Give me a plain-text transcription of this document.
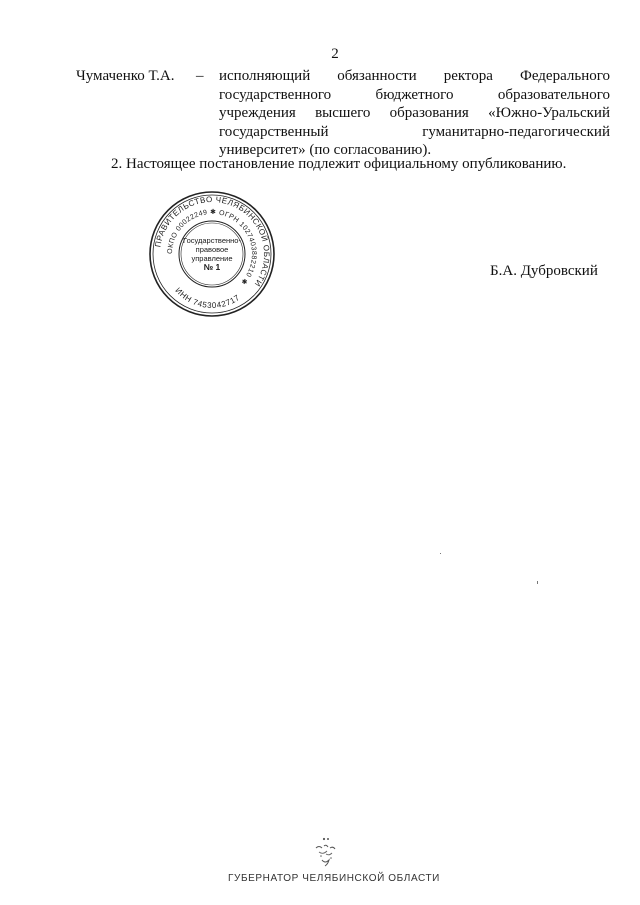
2
Чумаченко Т.А. – исполняющий обязанности ректора Федерального
государственного бюджетного образовательного
учреждения высшего образования «Южно-Уральский
государственный гуманитарно-педагогический
университет» (по согласованию).
2. Настоящее постановление подлежит официальному опубликованию.
ПРАВИТЕЛЬСТВО ЧЕЛЯБИНСКОЙ ОБЛАСТИ
ОКПО 00022249 ✱ ОГРН 1027403882210 ✱
ИНН 7453042717
Государственно-
правовое
управление
№ 1	Б.А. Дубровский
ГУБЕРНАТОР ЧЕЛЯБИНСКОЙ ОБЛАСТИ
